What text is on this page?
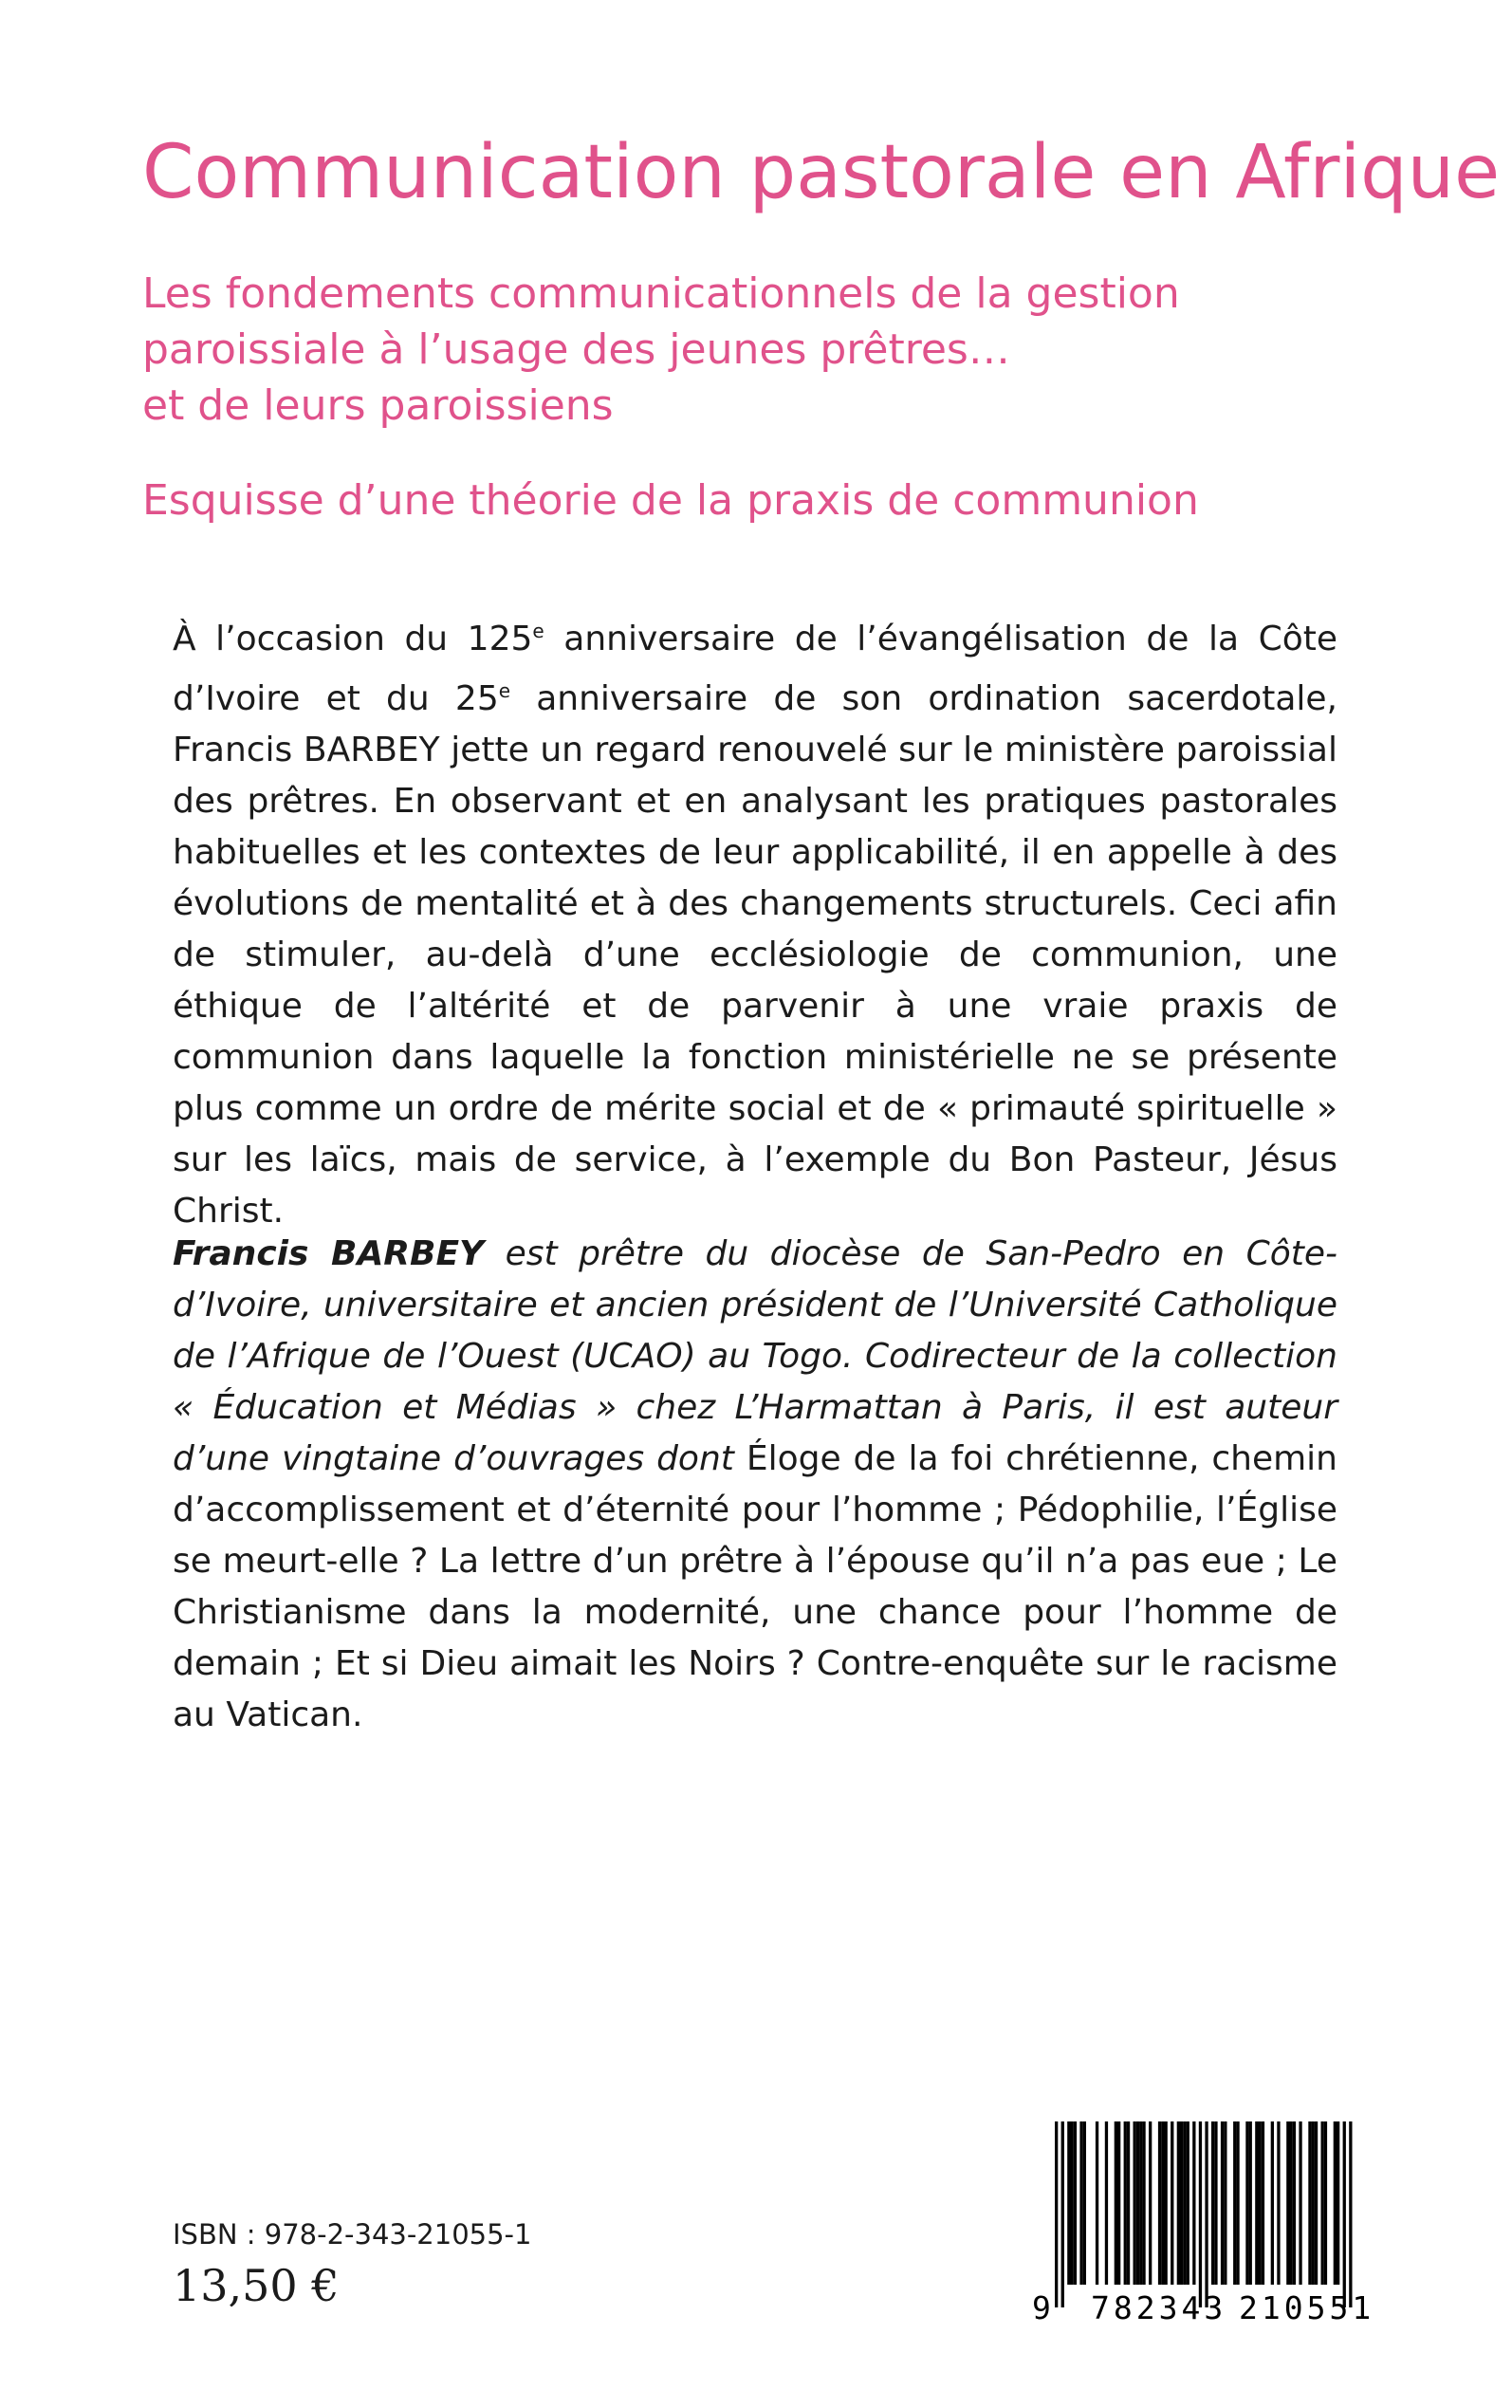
Communication pastorale en Afrique
Les fondements communicationnels de la gestion
paroissiale à l’usage des jeunes prêtres…
et de leurs paroissiens
Esquisse d’une théorie de la praxis de communion

À l’occasion du 125e anniversaire de l’évangélisation de la Côte d’Ivoire et du 25e anniversaire de son ordination sacerdotale, Francis BARBEY jette un regard renouvelé sur le ministère paroissial des prêtres. En observant et en analysant les pratiques pastorales habituelles et les contextes de leur applicabilité, il en appelle à des évolutions de mentalité et à des changements structurels. Ceci afin de stimuler, au-delà d’une ecclésiologie de communion, une éthique de l’altérité et de parvenir à une vraie praxis de communion dans laquelle la fonction ministérielle ne se présente plus comme un ordre de mérite social et de « primauté spirituelle » sur les laïcs, mais de service, à l’exemple du Bon Pasteur, Jésus Christ.

Francis BARBEY est prêtre du diocèse de San-Pedro en Côte-d’Ivoire, universitaire et ancien président de l’Université Catholique de l’Afrique de l’Ouest (UCAO) au Togo. Codirecteur de la collection « Éducation et Médias » chez L’Harmattan à Paris, il est auteur d’une vingtaine d’ouvrages dont Éloge de la foi chrétienne, chemin d’accomplissement et d’éternité pour l’homme ; Pédophilie, l’Église se meurt-elle ? La lettre d’un prêtre à l’épouse qu’il n’a pas eue ; Le Christianisme dans la modernité, une chance pour l’homme de demain ; Et si Dieu aimait les Noirs ? Contre-enquête sur le racisme au Vatican.

ISBN : 978-2-343-21055-1
13,50 €	9 782343 210551
